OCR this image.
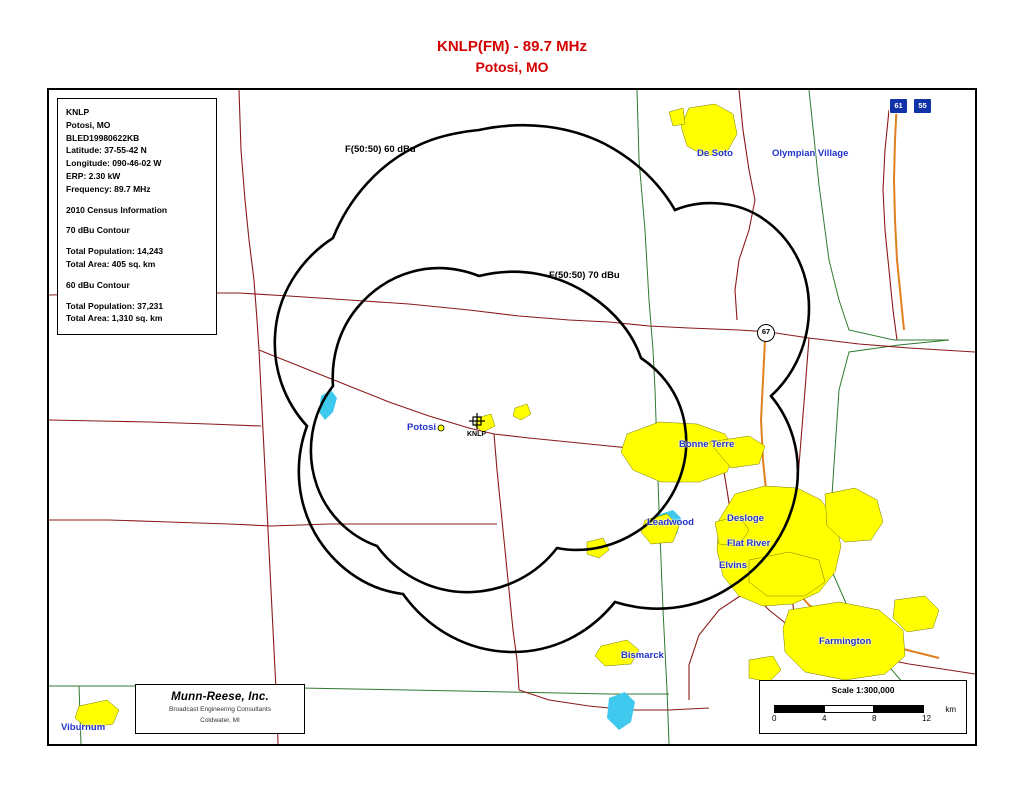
KNLP(FM) - 89.7 MHz
Potosi, MO
KNLP
Potosi, MO
BLED19980622KB
Latitude: 37-55-42 N
Longitude: 090-46-02 W
ERP: 2.30 kW
Frequency: 89.7 MHz
2010 Census Information
70 dBu Contour
Total Population: 14,243
Total Area: 405 sq. km
60 dBu Contour
Total Population: 37,231
Total Area: 1,310 sq. km
F(50:50) 60 dBu
F(50:50) 70 dBu
De Soto	Olympian Village
Bonne Terre
Leadwood	Desloge
Flat River
Elvins
Farmington
Bismarck
Potosi
Viburnum
KNLP
61	55
67
Munn-Reese, Inc.
Broadcast Engineering Consultants
Coldwater, MI
Scale 1:300,000
km
0	4	8	12
